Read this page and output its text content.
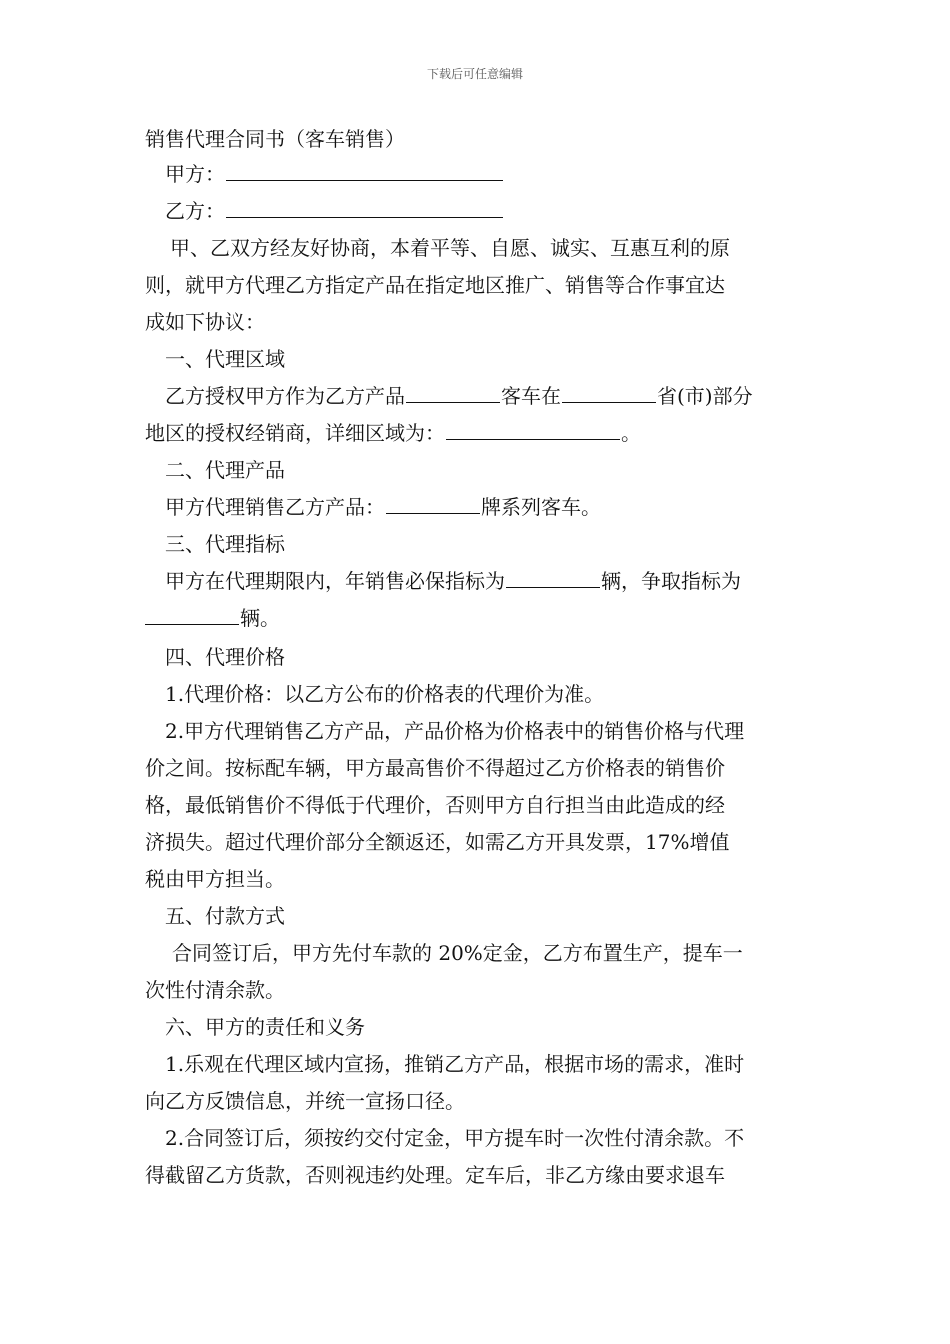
下载后可任意编辑
销售代理合同书（客车销售）
甲方：
乙方：
甲、乙双方经友好协商，本着平等、自愿、诚实、互惠互利的原
则，就甲方代理乙方指定产品在指定地区推广、销售等合作事宜达
成如下协议：
一、代理区域
乙方授权甲方作为乙方产品	客车在	省(市)部分
地区的授权经销商，详细区域为：	。
二、代理产品
甲方代理销售乙方产品：	牌系列客车。
三、代理指标
甲方在代理期限内，年销售必保指标为	辆，争取指标为
辆。
四、代理价格
1.代理价格：以乙方公布的价格表的代理价为准。
2.甲方代理销售乙方产品，产品价格为价格表中的销售价格与代理
价之间。按标配车辆，甲方最高售价不得超过乙方价格表的销售价
格，最低销售价不得低于代理价，否则甲方自行担当由此造成的经
济损失。超过代理价部分全额返还，如需乙方开具发票，17%增值
税由甲方担当。
五、付款方式
合同签订后，甲方先付车款的 20%定金，乙方布置生产，提车一
次性付清余款。
六、甲方的责任和义务
1.乐观在代理区域内宣扬，推销乙方产品，根据市场的需求，准时
向乙方反馈信息，并统一宣扬口径。
2.合同签订后，须按约交付定金，甲方提车时一次性付清余款。不
得截留乙方货款，否则视违约处理。定车后，非乙方缘由要求退车
